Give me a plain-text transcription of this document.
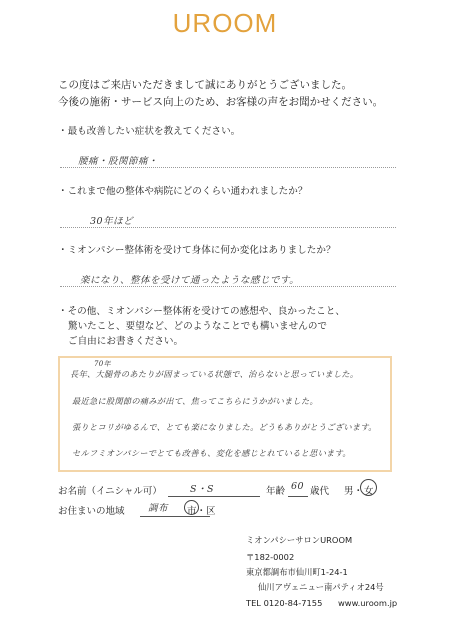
UROOM
この度はご来店いただきまして誠にありがとうございました。
今後の施術・サービス向上のため、お客様の声をお聞かせください。
・最も改善したい症状を教えてください。
腰痛・股関節痛・
・これまで他の整体や病院にどのくらい通われましたか？
30年ほど
・ミオンパシー整体術を受けて身体に何か変化はありましたか？
楽になり、整体を受けて通ったような感じです。
・その他、ミオンパシー整体術を受けての感想や、良かったこと、
驚いたこと、要望など、どのようなことでも構いませんので
ご自由にお書きください。
70年
長年、大腿骨のあたりが固まっている状態で、治らないと思っていました。
最近急に股関節の痛みが出て、焦ってこちらにうかがいました。
張りとコリがゆるんで、とても楽になりました。どうもありがとうございます。
セルフミオンパシーでとても改善も、変化を感じとれていると思います。
お名前（イニシャル可）	S・S	年齢 60 歳代 男・ 女
お住まいの地域 調布 市・区
ミオンパシーサロンUROOM
〒182-0002
東京都調布市仙川町1-24-1
仙川アヴェニュー南パティオ24号
TEL 0120-84-7155 www.uroom.jp
